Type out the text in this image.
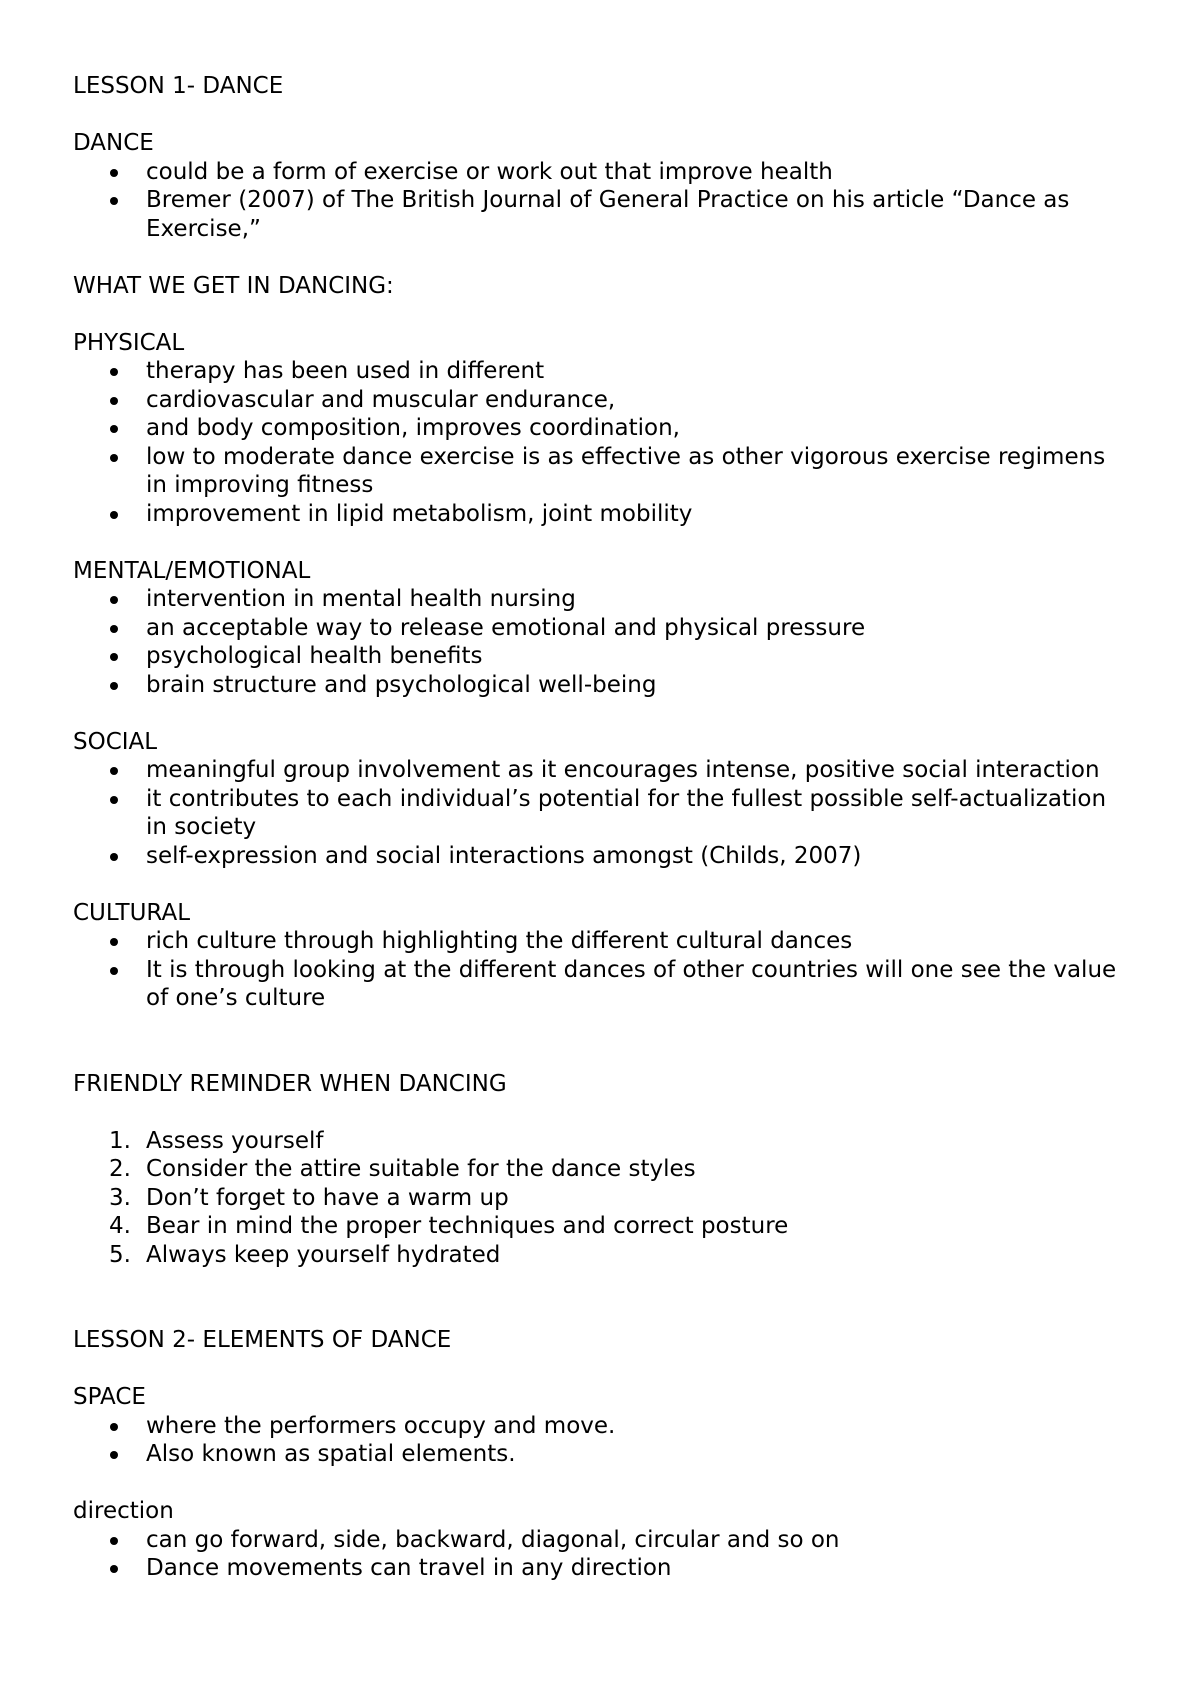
LESSON 1- DANCE
DANCE
could be a form of exercise or work out that improve health
Bremer (2007) of The British Journal of General Practice on his article “Dance as Exercise,”
WHAT WE GET IN DANCING:
PHYSICAL
therapy has been used in different
cardiovascular and muscular endurance,
and body composition, improves coordination,
low to moderate dance exercise is as effective as other vigorous exercise regimens in improving fitness
improvement in lipid metabolism, joint mobility
MENTAL/EMOTIONAL
intervention in mental health nursing
an acceptable way to release emotional and physical pressure
psychological health benefits
brain structure and psychological well-being
SOCIAL
meaningful group involvement as it encourages intense, positive social interaction
it contributes to each individual’s potential for the fullest possible self-actualization in society
self-expression and social interactions amongst (Childs, 2007)
CULTURAL
rich culture through highlighting the different cultural dances
It is through looking at the different dances of other countries will one see the value of one’s culture
FRIENDLY REMINDER WHEN DANCING
1. Assess yourself
2. Consider the attire suitable for the dance styles
3. Don’t forget to have a warm up
4. Bear in mind the proper techniques and correct posture
5. Always keep yourself hydrated
LESSON 2- ELEMENTS OF DANCE
SPACE
where the performers occupy and move.
Also known as spatial elements.
direction
can go forward, side, backward, diagonal, circular and so on
Dance movements can travel in any direction
